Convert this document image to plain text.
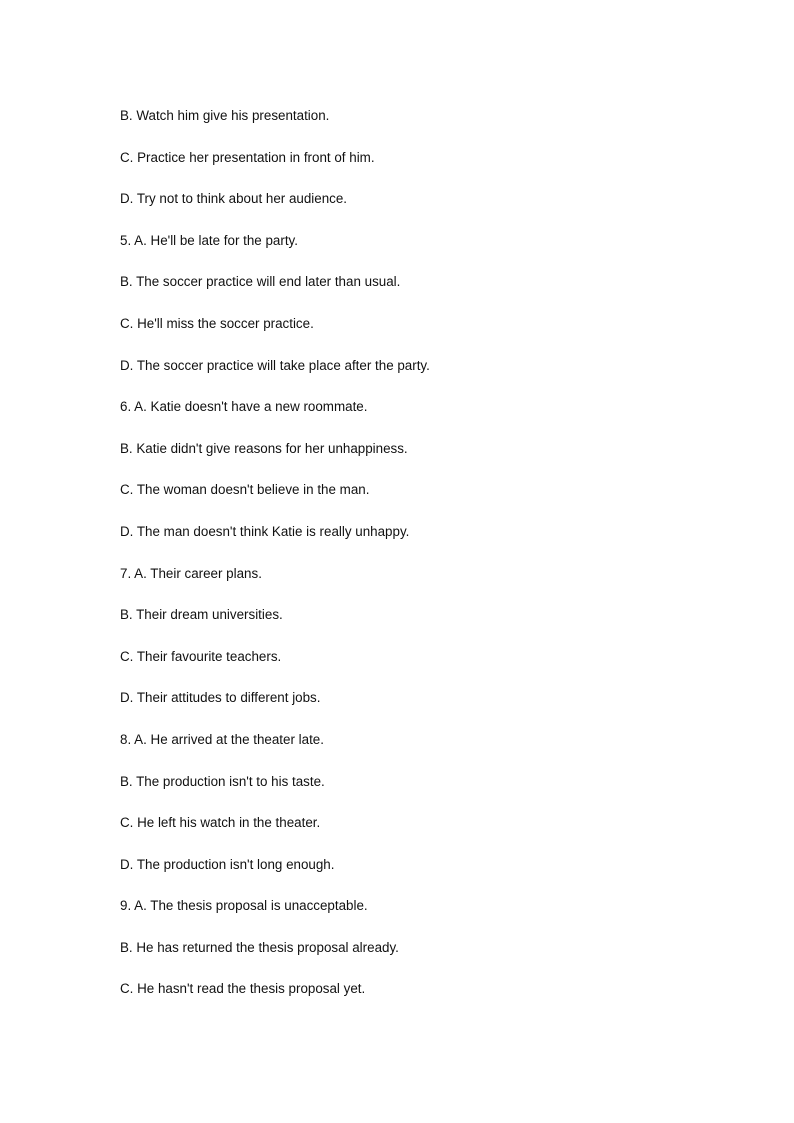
B. Watch him give his presentation.
C. Practice her presentation in front of him.
D. Try not to think about her audience.
5. A. He'll be late for the party.
B. The soccer practice will end later than usual.
C. He'll miss the soccer practice.
D. The soccer practice will take place after the party.
6. A. Katie doesn't have a new roommate.
B. Katie didn't give reasons for her unhappiness.
C. The woman doesn't believe in the man.
D. The man doesn't think Katie is really unhappy.
7. A. Their career plans.
B. Their dream universities.
C. Their favourite teachers.
D. Their attitudes to different jobs.
8. A. He arrived at the theater late.
B. The production isn't to his taste.
C. He left his watch in the theater.
D. The production isn't long enough.
9. A. The thesis proposal is unacceptable.
B. He has returned the thesis proposal already.
C. He hasn't read the thesis proposal yet.
